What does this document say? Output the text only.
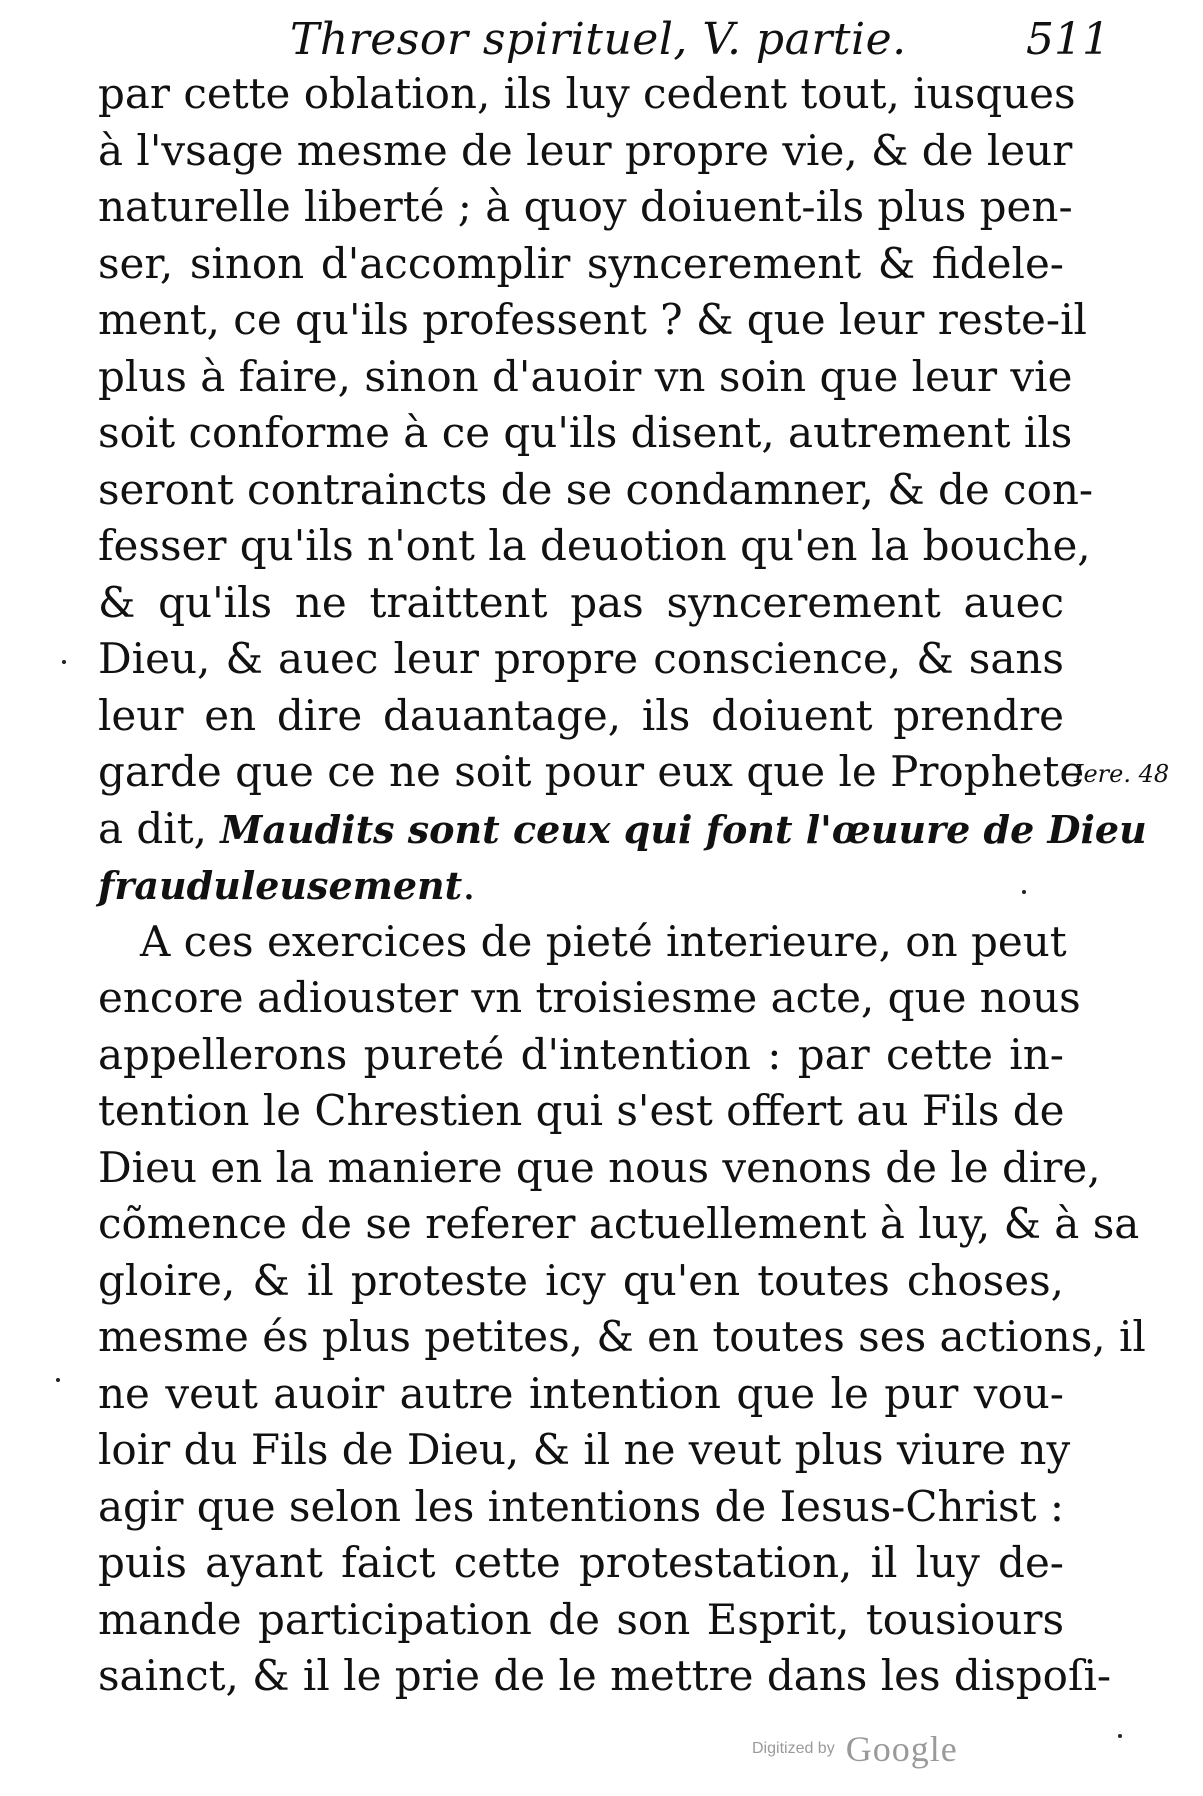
Thresor spirituel, V. partie.	511
par cette oblation, ils luy cedent tout, iusques
à l'vsage mesme de leur propre vie, & de leur
naturelle liberté ; à quoy doiuent-ils plus pen-
ser, sinon d'accomplir syncerement & fidele-
ment, ce qu'ils professent ? & que leur reste-il
plus à faire, sinon d'auoir vn soin que leur vie
soit conforme à ce qu'ils disent, autrement ils
seront contraincts de se condamner, & de con-
fesser qu'ils n'ont la deuotion qu'en la bouche,
& qu'ils ne traittent pas syncerement auec
Dieu, & auec leur propre conscience, & sans
leur en dire dauantage, ils doiuent prendre
garde que ce ne soit pour eux que le Prophete
a dit, Maudits sont ceux qui font l'œuure de Dieu
frauduleusement.
A ces exercices de pieté interieure, on peut
encore adiouster vn troisiesme acte, que nous
appellerons pureté d'intention : par cette in-
tention le Chrestien qui s'est offert au Fils de
Dieu en la maniere que nous venons de le dire,
cõmence de se referer actuellement à luy, & à sa
gloire, & il proteste icy qu'en toutes choses,
mesme és plus petites, & en toutes ses actions, il
ne veut auoir autre intention que le pur vou-
loir du Fils de Dieu, & il ne veut plus viure ny
agir que selon les intentions de Iesus-Christ :
puis ayant faict cette protestation, il luy de-
mande participation de son Esprit, tousiours
sainct, & il le prie de le mettre dans les dispoſi-
Iere. 48
Digitized by Google
